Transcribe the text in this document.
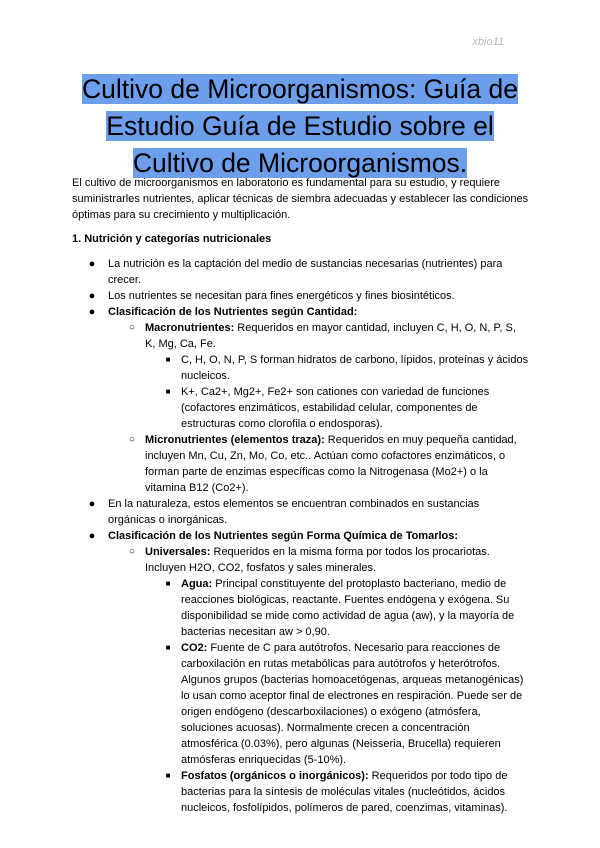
xbio11

Cultivo de Microorganismos: Guía de

Estudio Guía de Estudio sobre el

Cultivo de Microorganismos.

El cultivo de microorganismos en laboratorio es fundamental para su estudio, y requiere suministrarles nutrientes, aplicar técnicas de siembra adecuadas y establecer las condiciones óptimas para su crecimiento y multiplicación.
1. Nutrición y categorías nutricionales
● La nutrición es la captación del medio de sustancias necesarias (nutrientes) para crecer.
● Los nutrientes se necesitan para fines energéticos y fines biosintéticos.
● Clasificación de los Nutrientes según Cantidad:
○ Macronutrientes: Requeridos en mayor cantidad, incluyen C, H, O, N, P, S, K, Mg, Ca, Fe.
■ C, H, O, N, P, S forman hidratos de carbono, lípidos, proteínas y ácidos nucleicos.
■ K+, Ca2+, Mg2+, Fe2+ son cationes con variedad de funciones (cofactores enzimáticos, estabilidad celular, componentes de estructuras como clorofila o endosporas).
○ Micronutrientes (elementos traza): Requeridos en muy pequeña cantidad, incluyen Mn, Cu, Zn, Mo, Co, etc.. Actúan como cofactores enzimáticos, o forman parte de enzimas específicas como la Nitrogenasa (Mo2+) o la vitamina B12 (Co2+).
● En la naturaleza, estos elementos se encuentran combinados en sustancias orgánicas o inorgánicas.
● Clasificación de los Nutrientes según Forma Química de Tomarlos:
○ Universales: Requeridos en la misma forma por todos los procariotas. Incluyen H2O, CO2, fosfatos y sales minerales.
■ Agua: Principal constituyente del protoplasto bacteriano, medio de reacciones biológicas, reactante. Fuentes endógena y exógena. Su disponibilidad se mide como actividad de agua (aw), y la mayoría de bacterias necesitan aw > 0,90.
■ CO2: Fuente de C para autótrofos. Necesario para reacciones de carboxilación en rutas metabólicas para autótrofos y heterótrofos. Algunos grupos (bacterias homoacetógenas, arqueas metanogénicas) lo usan como aceptor final de electrones en respiración. Puede ser de origen endógeno (descarboxilaciones) o exógeno (atmósfera, soluciones acuosas). Normalmente crecen a concentración atmosférica (0.03%), pero algunas (Neisseria, Brucella) requieren atmósferas enriquecidas (5-10%).
■ Fosfatos (orgánicos o inorgánicos): Requeridos por todo tipo de bacterias para la síntesis de moléculas vitales (nucleótidos, ácidos nucleicos, fosfolípidos, polímeros de pared, coenzimas, vitaminas).
